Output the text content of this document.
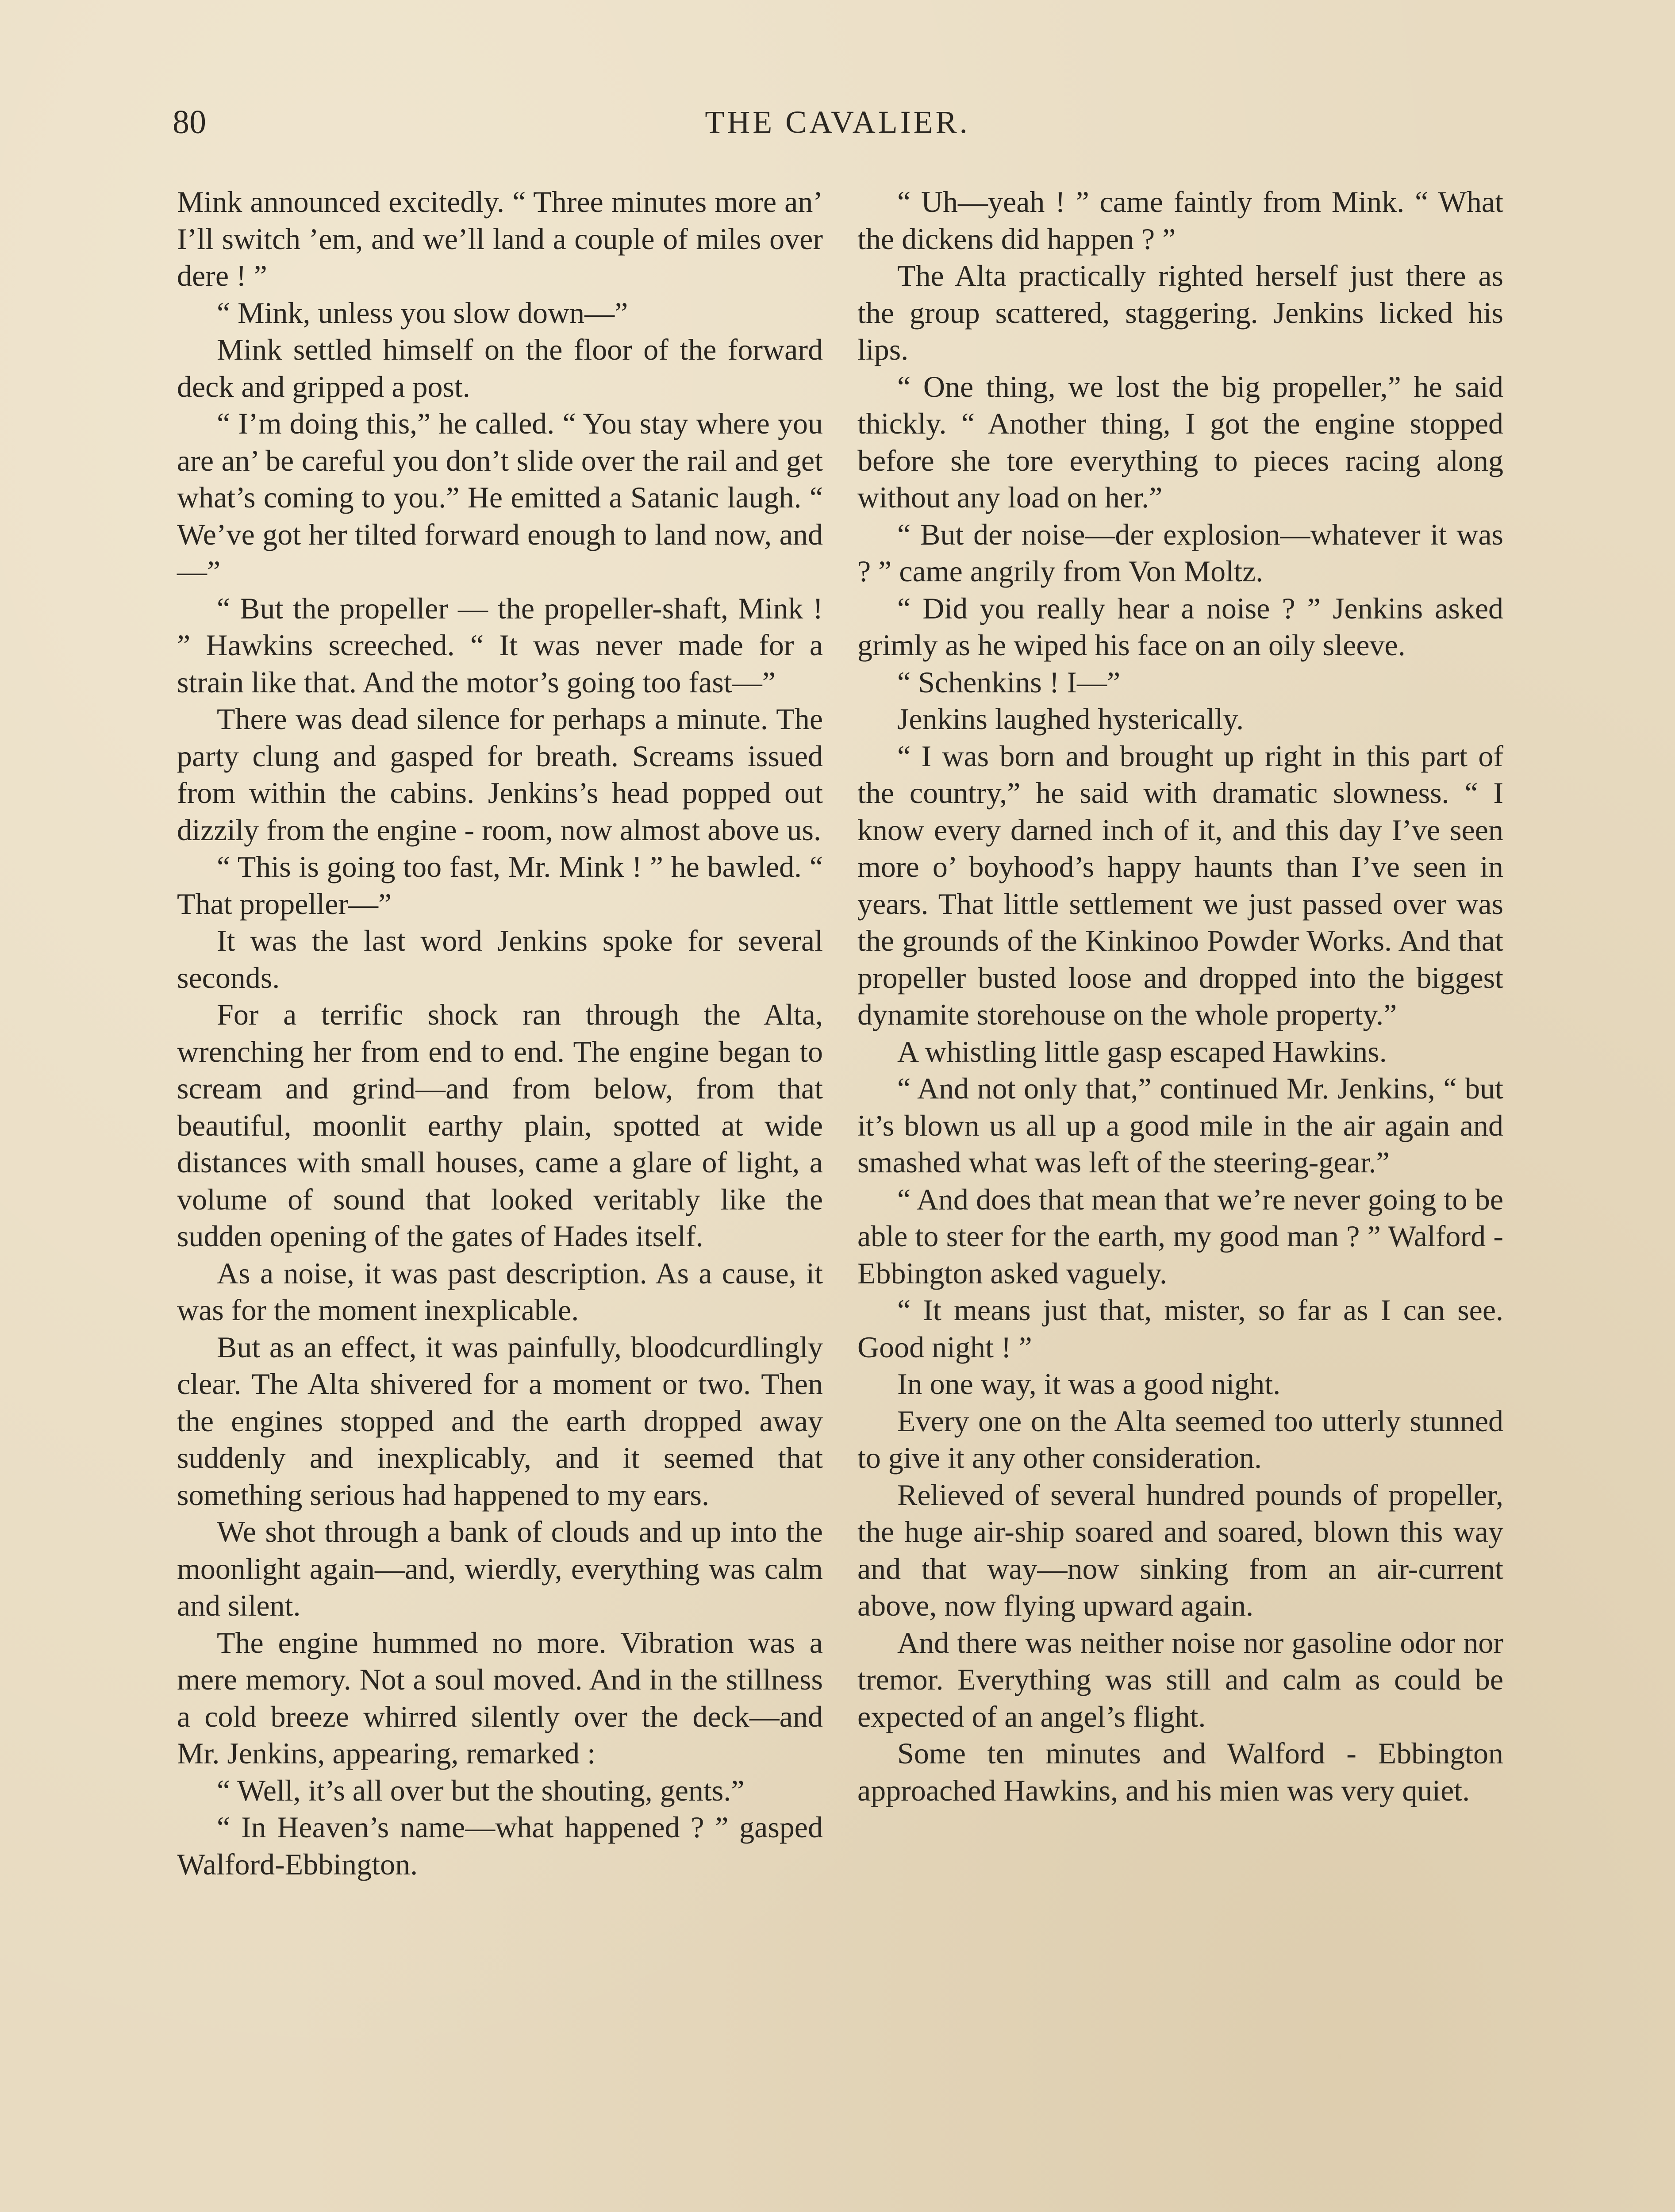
80	THE CAVALIER.

Mink announced excitedly. “ Three minutes more an’ I’ll switch ’em, and we’ll land a couple of miles over dere ! ”

“ Mink, unless you slow down—”

Mink settled himself on the floor of the forward deck and gripped a post.

“ I’m doing this,” he called. “ You stay where you are an’ be careful you don’t slide over the rail and get what’s coming to you.” He emitted a Satanic laugh. “ We’ve got her tilted forward enough to land now, and—”

“ But the propeller — the propeller-shaft, Mink ! ” Hawkins screeched. “ It was never made for a strain like that. And the motor’s going too fast—”

There was dead silence for perhaps a minute. The party clung and gasped for breath. Screams issued from within the cabins. Jenkins’s head popped out dizzily from the engine - room, now almost above us.

“ This is going too fast, Mr. Mink ! ” he bawled. “ That propeller—”

It was the last word Jenkins spoke for several seconds.

For a terrific shock ran through the Alta, wrenching her from end to end. The engine began to scream and grind—and from below, from that beautiful, moonlit earthy plain, spotted at wide distances with small houses, came a glare of light, a volume of sound that looked veritably like the sudden opening of the gates of Hades itself.

As a noise, it was past description. As a cause, it was for the moment inexplicable.

But as an effect, it was painfully, bloodcurdlingly clear. The Alta shivered for a moment or two. Then the engines stopped and the earth dropped away suddenly and inexplicably, and it seemed that something serious had happened to my ears.

We shot through a bank of clouds and up into the moonlight again—and, wierdly, everything was calm and silent.

The engine hummed no more. Vibration was a mere memory. Not a soul moved. And in the stillness a cold breeze whirred silently over the deck—and Mr. Jenkins, appearing, remarked :

“ Well, it’s all over but the shouting, gents.”

“ In Heaven’s name—what happened ? ” gasped Walford-Ebbington.

“ Uh—yeah ! ” came faintly from Mink. “ What the dickens did happen ? ”

The Alta practically righted herself just there as the group scattered, staggering. Jenkins licked his lips.

“ One thing, we lost the big propeller,” he said thickly. “ Another thing, I got the engine stopped before she tore everything to pieces racing along without any load on her.”

“ But der noise—der explosion—whatever it was ? ” came angrily from Von Moltz.

“ Did you really hear a noise ? ” Jenkins asked grimly as he wiped his face on an oily sleeve.

“ Schenkins ! I—”

Jenkins laughed hysterically.

“ I was born and brought up right in this part of the country,” he said with dramatic slowness. “ I know every darned inch of it, and this day I’ve seen more o’ boyhood’s happy haunts than I’ve seen in years. That little settlement we just passed over was the grounds of the Kinkinoo Powder Works. And that propeller busted loose and dropped into the biggest dynamite storehouse on the whole property.”

A whistling little gasp escaped Hawkins.

“ And not only that,” continued Mr. Jenkins, “ but it’s blown us all up a good mile in the air again and smashed what was left of the steering-gear.”

“ And does that mean that we’re never going to be able to steer for the earth, my good man ? ” Walford - Ebbington asked vaguely.

“ It means just that, mister, so far as I can see. Good night ! ”

In one way, it was a good night.

Every one on the Alta seemed too utterly stunned to give it any other consideration.

Relieved of several hundred pounds of propeller, the huge air-ship soared and soared, blown this way and that way—now sinking from an air-current above, now flying upward again.

And there was neither noise nor gasoline odor nor tremor. Everything was still and calm as could be expected of an angel’s flight.

Some ten minutes and Walford - Ebbington approached Hawkins, and his mien was very quiet.
